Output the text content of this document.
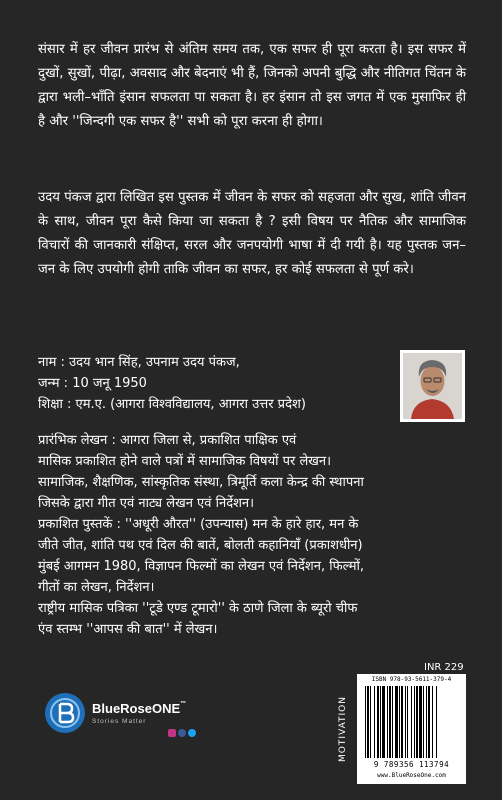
संसार में हर जीवन प्रारंभ से अंतिम समय तक, एक सफर ही पूरा करता है। इस सफर में दुखों, सुखों, पीढ़ा, अवसाद और बेदनाएं भी हैं, जिनको अपनी बुद्धि और नीतिगत चिंतन के द्वारा भली–भाँति इंसान सफलता पा सकता है। हर इंसान तो इस जगत में एक मुसाफिर ही है और ''जिन्दगी एक सफर है'' सभी को पूरा करना ही होगा।

उदय पंकज द्वारा लिखित इस पुस्तक में जीवन के सफर को सहजता और सुख, शांति जीवन के साथ, जीवन पूरा कैसे किया जा सकता है ? इसी विषय पर नैतिक और सामाजिक विचारों की जानकारी संक्षिप्त, सरल और जनपयोगी भाषा में दी गयी है। यह पुस्तक जन–जन के लिए उपयोगी होगी ताकि जीवन का सफर, हर कोई सफलता से पूर्ण करे।

नाम : उदय भान सिंह, उपनाम उदय पंकज,
जन्म : 10 जनू 1950
शिक्षा : एम.ए. (आगरा विश्वविद्यालय, आगरा उत्तर प्रदेश)
प्रारंभिक लेखन : आगरा जिला से, प्रकाशित पाक्षिक एवं
मासिक प्रकाशित होने वाले पत्रों में सामाजिक विषयों पर लेखन।
सामाजिक, शैक्षणिक, सांस्कृतिक संस्था, त्रिमूर्ति कला केन्द्र की स्थापना
जिसके द्वारा गीत एवं नाट्य लेखन एवं निर्देशन।
प्रकाशित पुस्तकें : ''अधूरी औरत'' (उपन्यास) मन के हारे हार, मन के
जीते जीत, शांति पथ एवं दिल की बातें, बोलती कहानियाँ (प्रकाशधीन)
मुंबई आगमन 1980, विज्ञापन फिल्मों का लेखन एवं निर्देशन, फिल्मों,
गीतों का लेखन, निर्देशन।
राष्ट्रीय मासिक पत्रिका ''टूडे एण्ड टूमारो'' के ठाणे जिला के ब्यूरो चीफ
एंव स्तम्भ ''आपस की बात'' में लेखन।
BlueRoseONE™
Stories Matter
INR 229
MOTIVATION
ISBN 978-93-5611-379-4
9 789356 113794
www.BlueRoseOne.com
